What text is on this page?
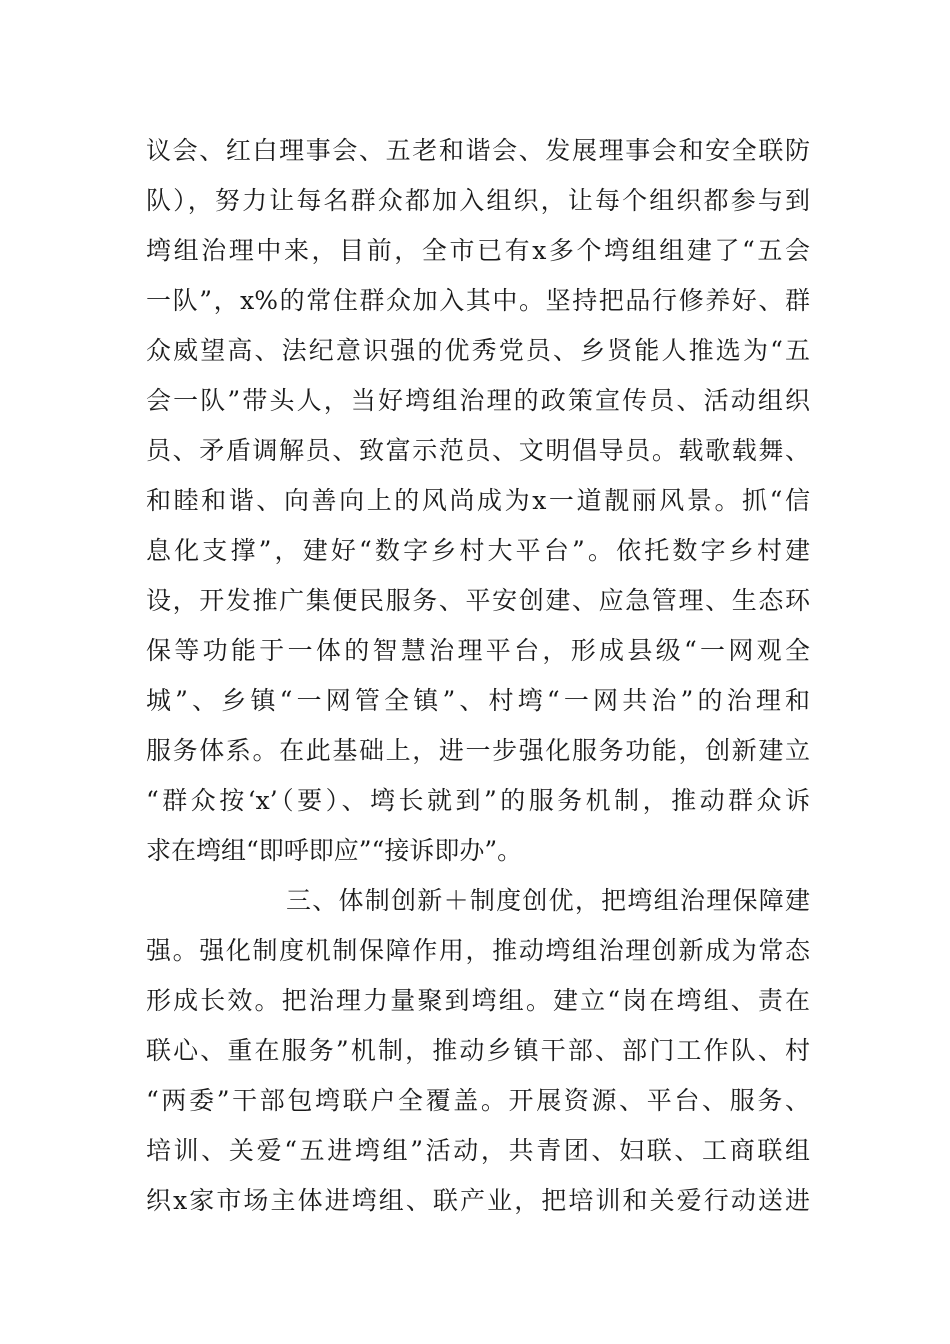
议会、红白理事会、五老和谐会、发展理事会和安全联防
队），努力让每名群众都加入组织，让每个组织都参与到
塆组治理中来，目前，全市已有x多个塆组组建了“五会
一队”，x%的常住群众加入其中。坚持把品行修养好、群
众威望高、法纪意识强的优秀党员、乡贤能人推选为“五
会一队”带头人，当好塆组治理的政策宣传员、活动组织
员、矛盾调解员、致富示范员、文明倡导员。载歌载舞、
和睦和谐、向善向上的风尚成为x一道靓丽风景。抓“信
息化支撑”，建好“数字乡村大平台”。依托数字乡村建
设，开发推广集便民服务、平安创建、应急管理、生态环
保等功能于一体的智慧治理平台，形成县级“一网观全
城”、乡镇“一网管全镇”、村塆“一网共治”的治理和
服务体系。在此基础上，进一步强化服务功能，创新建立
“群众按‘x’（要）、塆长就到”的服务机制，推动群众诉
求在塆组“即呼即应”“接诉即办”。
三、体制创新＋制度创优，把塆组治理保障建
强。强化制度机制保障作用，推动塆组治理创新成为常态
形成长效。把治理力量聚到塆组。建立“岗在塆组、责在
联心、重在服务”机制，推动乡镇干部、部门工作队、村
“两委”干部包塆联户全覆盖。开展资源、平台、服务、
培训、关爱“五进塆组”活动，共青团、妇联、工商联组
织x家市场主体进塆组、联产业，把培训和关爱行动送进
